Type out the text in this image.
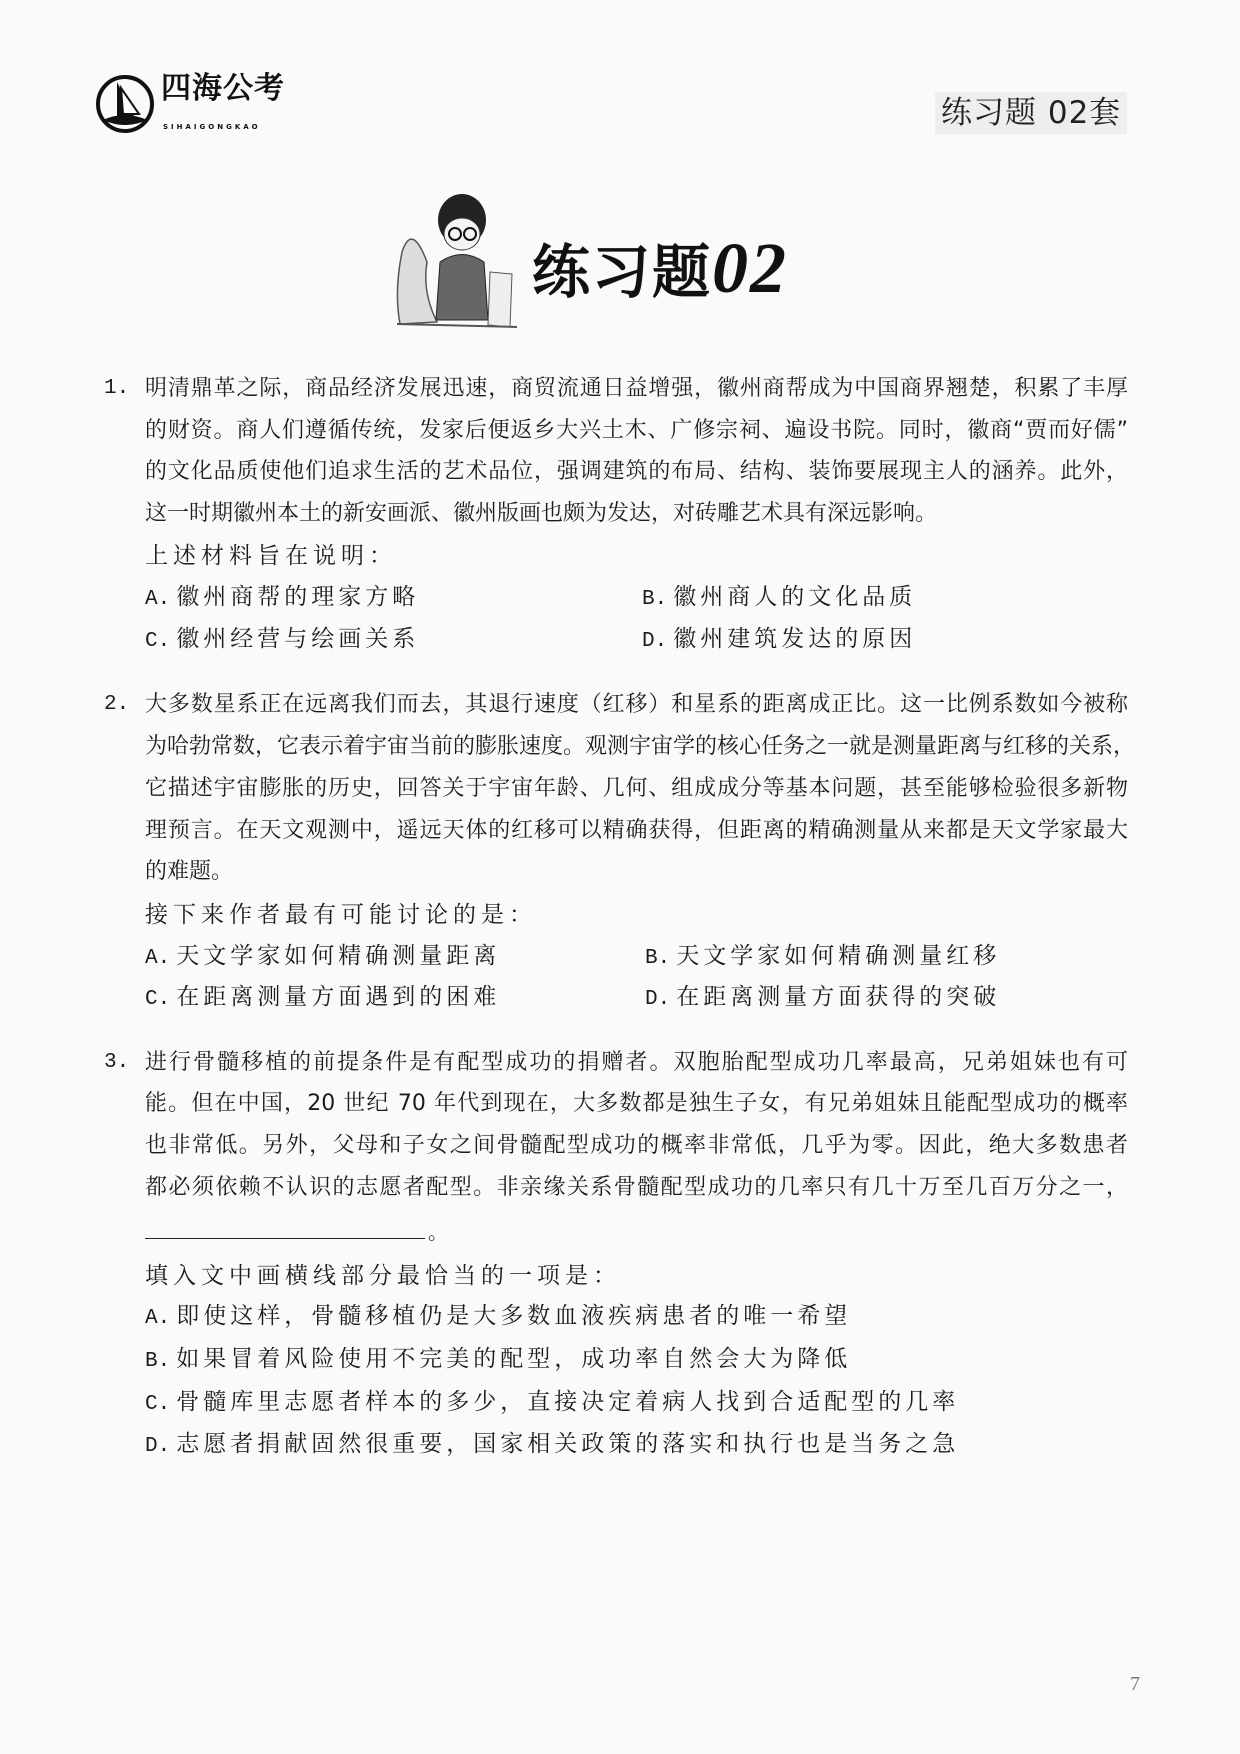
四海公考
SIHAIGONGKAO	练习题 02套
练习题02
1. 明清鼎革之际，商品经济发展迅速，商贸流通日益增强，徽州商帮成为中国商界翘楚，积累了丰厚
的财资。商人们遵循传统，发家后便返乡大兴土木、广修宗祠、遍设书院。同时，徽商“贾而好儒”
的文化品质使他们追求生活的艺术品位，强调建筑的布局、结构、装饰要展现主人的涵养。此外，
这一时期徽州本土的新安画派、徽州版画也颇为发达，对砖雕艺术具有深远影响。
上述材料旨在说明：
A. 徽州商帮的理家方略	B. 徽州商人的文化品质
C. 徽州经营与绘画关系	D. 徽州建筑发达的原因
2. 大多数星系正在远离我们而去，其退行速度（红移）和星系的距离成正比。这一比例系数如今被称
为哈勃常数，它表示着宇宙当前的膨胀速度。观测宇宙学的核心任务之一就是测量距离与红移的关系，
它描述宇宙膨胀的历史，回答关于宇宙年龄、几何、组成成分等基本问题，甚至能够检验很多新物
理预言。在天文观测中，遥远天体的红移可以精确获得，但距离的精确测量从来都是天文学家最大
的难题。
接下来作者最有可能讨论的是：
A. 天文学家如何精确测量距离	B. 天文学家如何精确测量红移
C. 在距离测量方面遇到的困难	D. 在距离测量方面获得的突破
3. 进行骨髓移植的前提条件是有配型成功的捐赠者。双胞胎配型成功几率最高，兄弟姐妹也有可
能。但在中国，20 世纪 70 年代到现在，大多数都是独生子女，有兄弟姐妹且能配型成功的概率
也非常低。另外，父母和子女之间骨髓配型成功的概率非常低，几乎为零。因此，绝大多数患者
都必须依赖不认识的志愿者配型。非亲缘关系骨髓配型成功的几率只有几十万至几百万分之一，
。
填入文中画横线部分最恰当的一项是：
A. 即使这样，骨髓移植仍是大多数血液疾病患者的唯一希望
B. 如果冒着风险使用不完美的配型，成功率自然会大为降低
C. 骨髓库里志愿者样本的多少，直接决定着病人找到合适配型的几率
D. 志愿者捐献固然很重要，国家相关政策的落实和执行也是当务之急
7
